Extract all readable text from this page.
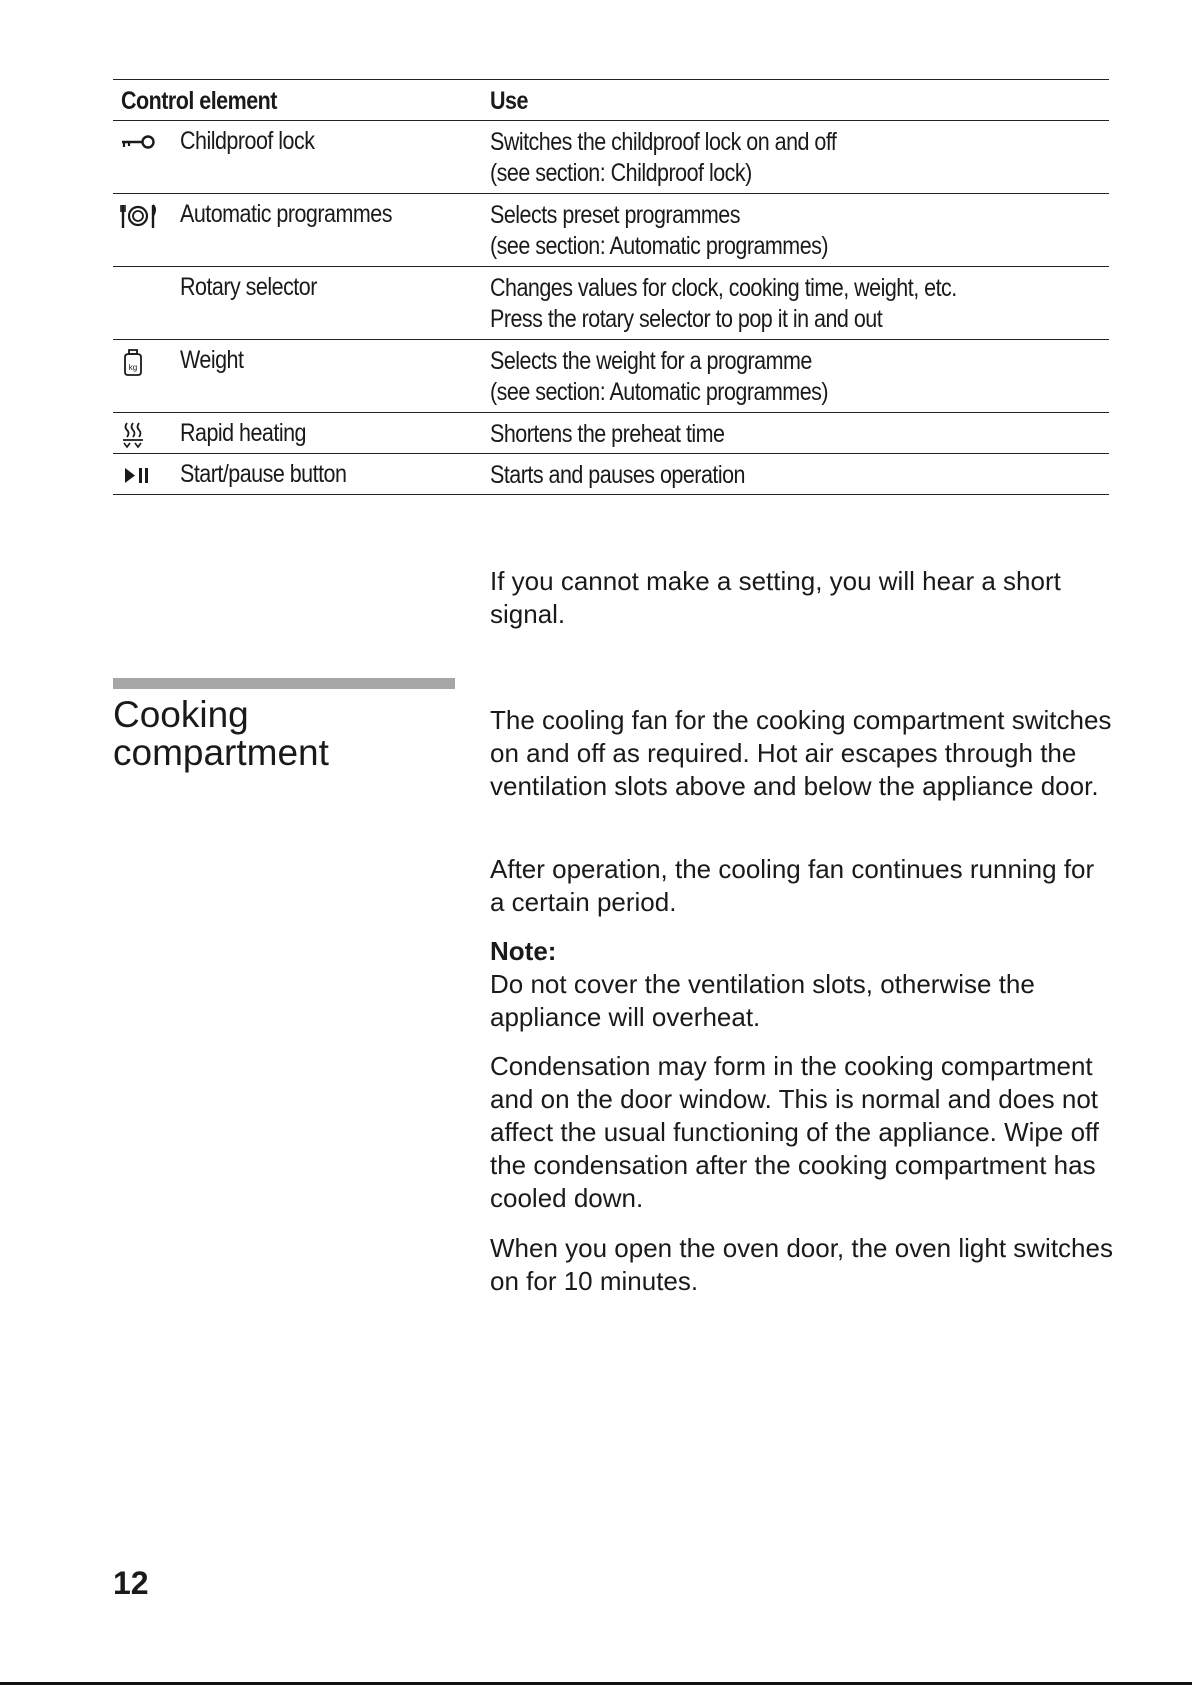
Control element	Use
Childproof lock	Switches the childproof lock on and off
(see section: Childproof lock)
Automatic programmes	Selects preset programmes
(see section: Automatic programmes)
Rotary selector	Changes values for clock, cooking time, weight, etc.
Press the rotary selector to pop it in and out
kg Weight	Selects the weight for a programme
(see section: Automatic programmes)
Rapid heating	Shortens the preheat time
Start/pause button	Starts and pauses operation

If you cannot make a setting, you will hear a short signal.

Cooking compartment

The cooling fan for the cooking compartment switches on and off as required. Hot air escapes through the ventilation slots above and below the appliance door.

After operation, the cooling fan continues running for a certain period.

Note:
Do not cover the ventilation slots, otherwise the appliance will overheat.

Condensation may form in the cooking compartment and on the door window. This is normal and does not affect the usual functioning of the appliance. Wipe off the condensation after the cooking compartment has cooled down.

When you open the oven door, the oven light switches on for 10 minutes.

12
